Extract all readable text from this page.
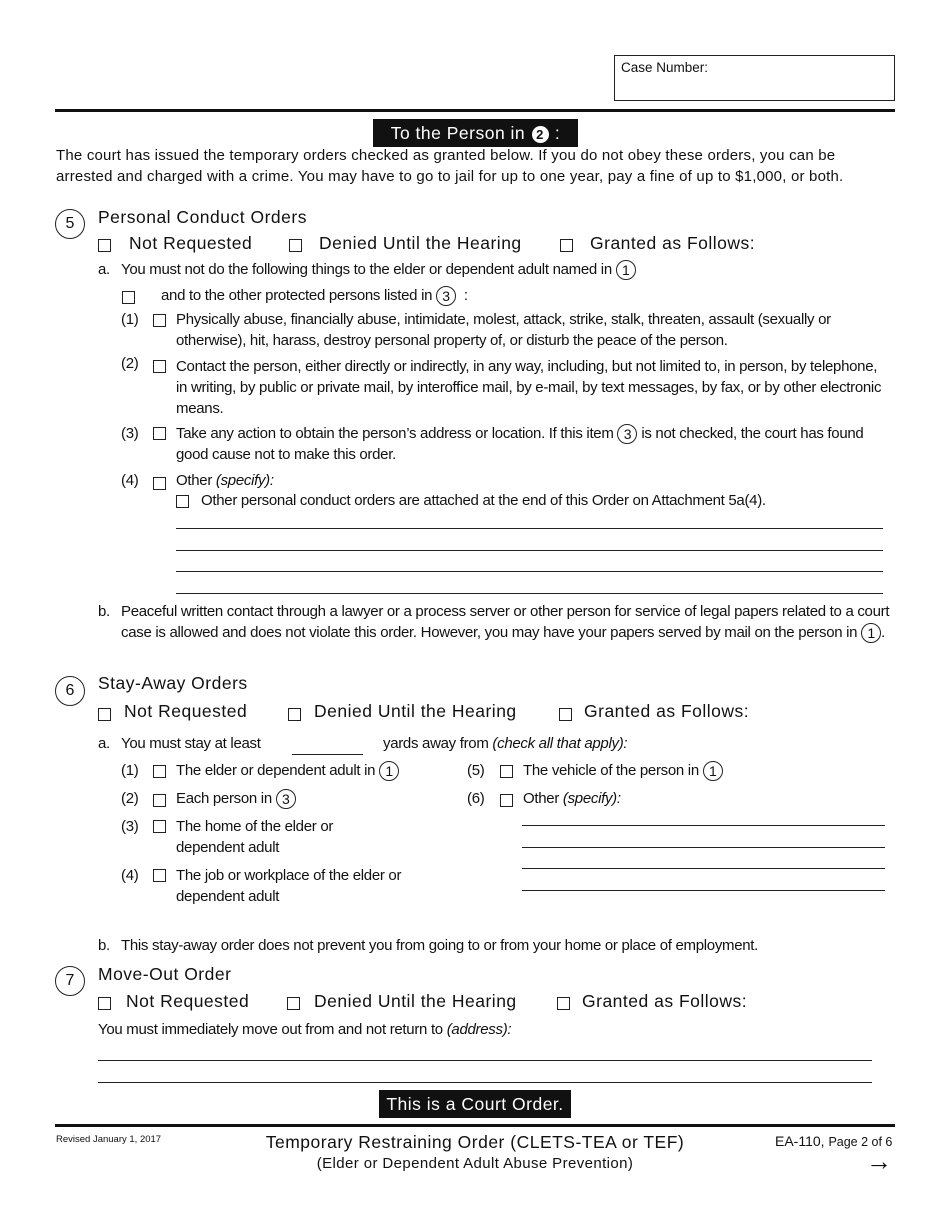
Case Number:
To the Person in 2 :
The court has issued the temporary orders checked as granted below. If you do not obey these orders, you can be arrested and charged with a crime. You may have to go to jail for up to one year, pay a fine of up to $1,000, or both.
5	Personal Conduct Orders
Not Requested	Denied Until the Hearing	Granted as Follows:
a. You must not do the following things to the elder or dependent adult named in 1
and to the other protected persons listed in 3 :
(1)	Physically abuse, financially abuse, intimidate, molest, attack, strike, stalk, threaten, assault (sexually or otherwise), hit, harass, destroy personal property of, or disturb the peace of the person.
(2)	Contact the person, either directly or indirectly, in any way, including, but not limited to, in person, by telephone, in writing, by public or private mail, by interoffice mail, by e-mail, by text messages, by fax, or by other electronic means.
(3)	Take any action to obtain the person’s address or location. If this item 3 is not checked, the court has found good cause not to make this order.
(4)	Other (specify):
Other personal conduct orders are attached at the end of this Order on Attachment 5a(4).
b. Peaceful written contact through a lawyer or a process server or other person for service of legal papers related to a court case is allowed and does not violate this order. However, you may have your papers served by mail on the person in 1 .
6	Stay-Away Orders
Not Requested	Denied Until the Hearing	Granted as Follows:
a. You must stay at least	yards away from (check all that apply):
(1)	The elder or dependent adult in 1
(2)	Each person in 3
(3)	The home of the elder or dependent adult
(4)	The job or workplace of the elder or dependent adult
(5)	The vehicle of the person in 1
(6)	Other (specify):
b. This stay-away order does not prevent you from going to or from your home or place of employment.
7	Move-Out Order
Not Requested	Denied Until the Hearing	Granted as Follows:
You must immediately move out from and not return to (address):
This is a Court Order.
Revised January 1, 2017	Temporary Restraining Order (CLETS-TEA or TEF)
(Elder or Dependent Adult Abuse Prevention)
EA-110, Page 2 of 6
→
